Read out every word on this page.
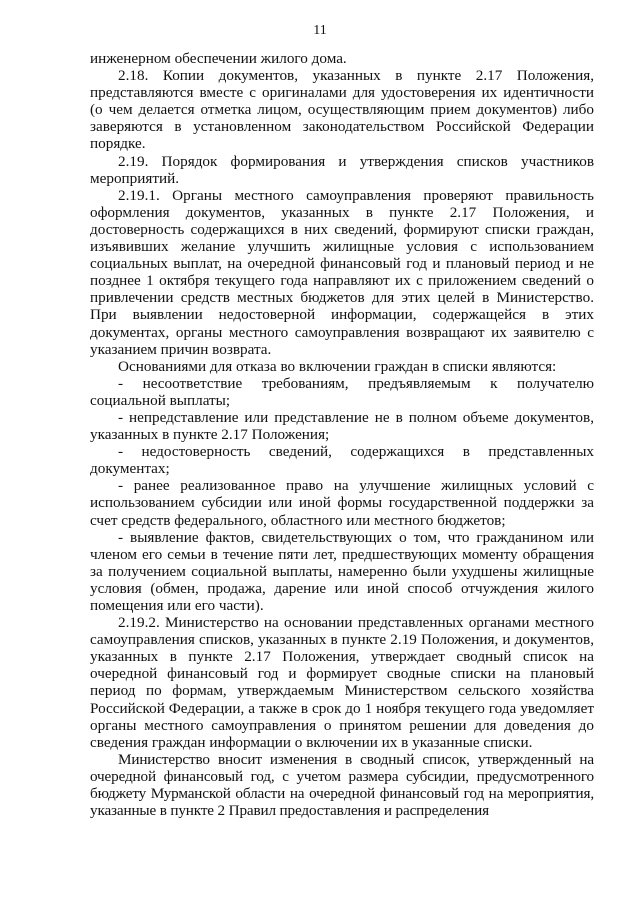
11

инженерном обеспечении жилого дома.

2.18. Копии документов, указанных в пункте 2.17 Положения, представляются вместе с оригиналами для удостоверения их идентичности (о чем делается отметка лицом, осуществляющим прием документов) либо заверяются в установленном законодательством Российской Федерации порядке.

2.19. Порядок формирования и утверждения списков участников мероприятий.

2.19.1. Органы местного самоуправления проверяют правильность оформления документов, указанных в пункте 2.17 Положения, и достоверность содержащихся в них сведений, формируют списки граждан, изъявивших желание улучшить жилищные условия с использованием социальных выплат, на очередной финансовый год и плановый период и не позднее 1 октября текущего года направляют их с приложением сведений о привлечении средств местных бюджетов для этих целей в Министерство. При выявлении недостоверной информации, содержащейся в этих документах, органы местного самоуправления возвращают их заявителю с указанием причин возврата.

Основаниями для отказа во включении граждан в списки являются:

- несоответствие требованиям, предъявляемым к получателю социальной выплаты;

- непредставление или представление не в полном объеме документов, указанных в пункте 2.17 Положения;

- недостоверность сведений, содержащихся в представленных документах;

- ранее реализованное право на улучшение жилищных условий с использованием субсидии или иной формы государственной поддержки за счет средств федерального, областного или местного бюджетов;

- выявление фактов, свидетельствующих о том, что гражданином или членом его семьи в течение пяти лет, предшествующих моменту обращения за получением социальной выплаты, намеренно были ухудшены жилищные условия (обмен, продажа, дарение или иной способ отчуждения жилого помещения или его части).

2.19.2. Министерство на основании представленных органами местного самоуправления списков, указанных в пункте 2.19 Положения, и документов, указанных в пункте 2.17 Положения, утверждает сводный список на очередной финансовый год и формирует сводные списки на плановый период по формам, утверждаемым Министерством сельского хозяйства Российской Федерации, а также в срок до 1 ноября текущего года уведомляет органы местного самоуправления о принятом решении для доведения до сведения граждан информации о включении их в указанные списки.

Министерство вносит изменения в сводный список, утвержденный на очередной финансовый год, с учетом размера субсидии, предусмотренного бюджету Мурманской области на очередной финансовый год на мероприятия, указанные в пункте 2 Правил предоставления и распределения
